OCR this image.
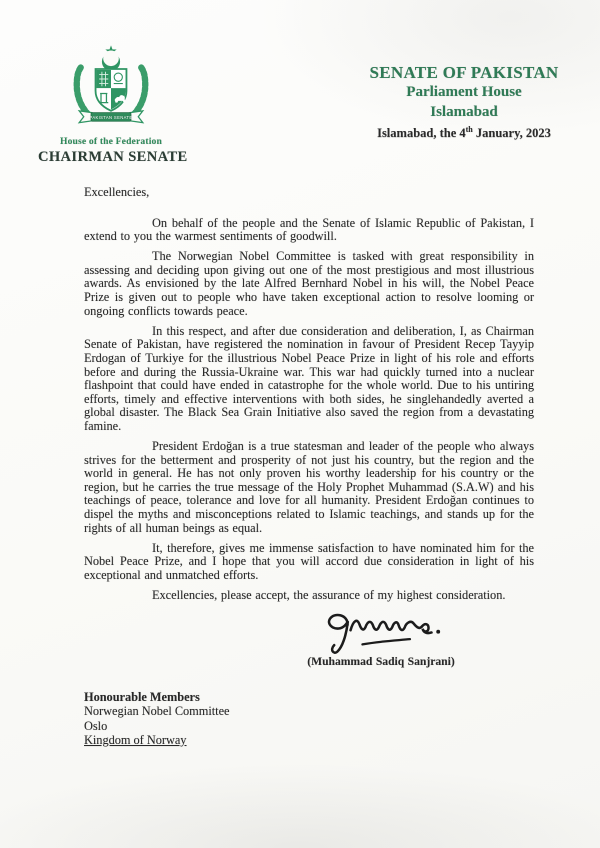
PAKISTAN SENATE
House of the Federation
CHAIRMAN SENATE
SENATE OF PAKISTAN
Parliament House
Islamabad
Islamabad, the 4th January, 2023

Excellencies,

On behalf of the people and the Senate of Islamic Republic of Pakistan, I extend to you the warmest sentiments of goodwill.

The Norwegian Nobel Committee is tasked with great responsibility in assessing and deciding upon giving out one of the most prestigious and most illustrious awards. As envisioned by the late Alfred Bernhard Nobel in his will, the Nobel Peace Prize is given out to people who have taken exceptional action to resolve looming or ongoing conflicts towards peace.

In this respect, and after due consideration and deliberation, I, as Chairman Senate of Pakistan, have registered the nomination in favour of President Recep Tayyip Erdogan of Turkiye for the illustrious Nobel Peace Prize in light of his role and efforts before and during the Russia-Ukraine war. This war had quickly turned into a nuclear flashpoint that could have ended in catastrophe for the whole world. Due to his untiring efforts, timely and effective interventions with both sides, he singlehandedly averted a global disaster. The Black Sea Grain Initiative also saved the region from a devastating famine.

President Erdoğan is a true statesman and leader of the people who always strives for the betterment and prosperity of not just his country, but the region and the world in general. He has not only proven his worthy leadership for his country or the region, but he carries the true message of the Holy Prophet Muhammad (S.A.W) and his teachings of peace, tolerance and love for all humanity. President Erdoğan continues to dispel the myths and misconceptions related to Islamic teachings, and stands up for the rights of all human beings as equal.

It, therefore, gives me immense satisfaction to have nominated him for the Nobel Peace Prize, and I hope that you will accord due consideration in light of his exceptional and unmatched efforts.

Excellencies, please accept, the assurance of my highest consideration.

(Muhammad Sadiq Sanjrani)
Honourable Members
Norwegian Nobel Committee
Oslo
Kingdom of Norway
